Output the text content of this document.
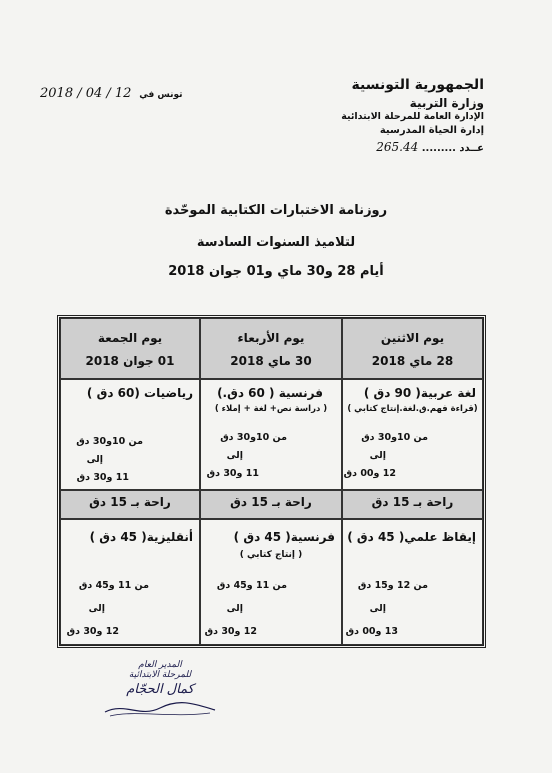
الجمهورية التونسية
وزارة التربية
الإدارة العامة للمرحلة الابتدائية
إدارة الحياة المدرسية
عــدد ......... 265.44
2018 / 04 / 12 تونس في
روزنامة الاختبارات الكتابية الموحّدة
لتلاميذ السنوات السادسة
أيام 28 و30 ماي و01 جوان 2018
يوم الاثنين
28 ماي 2018
يوم الأربعاء
30 ماي 2018
يوم الجمعة
01 جوان 2018
لغة عربية( 90 دق )
(قراءة فهم.ق.لغة.إنتاج كتابي )
من 10و30 دق
إلى
12 و00 دق
فرنسية ( 60 دق.)
( دراسة نص+ لغة + إملاء )
من 10و30 دق
إلى
11 و30 دق
رياضيات (60 دق )
من 10و30 دق
إلى
11 و30 دق
راحة بـ 15 دق
راحة بـ 15 دق
راحة بـ 15 دق
إيقاظ علمي( 45 دق )
من 12 و15 دق
إلى
13 و00 دق
فرنسية( 45 دق )
( إنتاج كتابي )
من 11 و45 دق
إلى
12 و30 دق
أنقليزية( 45 دق )
من 11 و45 دق
إلى
12 و30 دق
المدير العام
للمرحلة الابتدائية
كمال الحجّام
